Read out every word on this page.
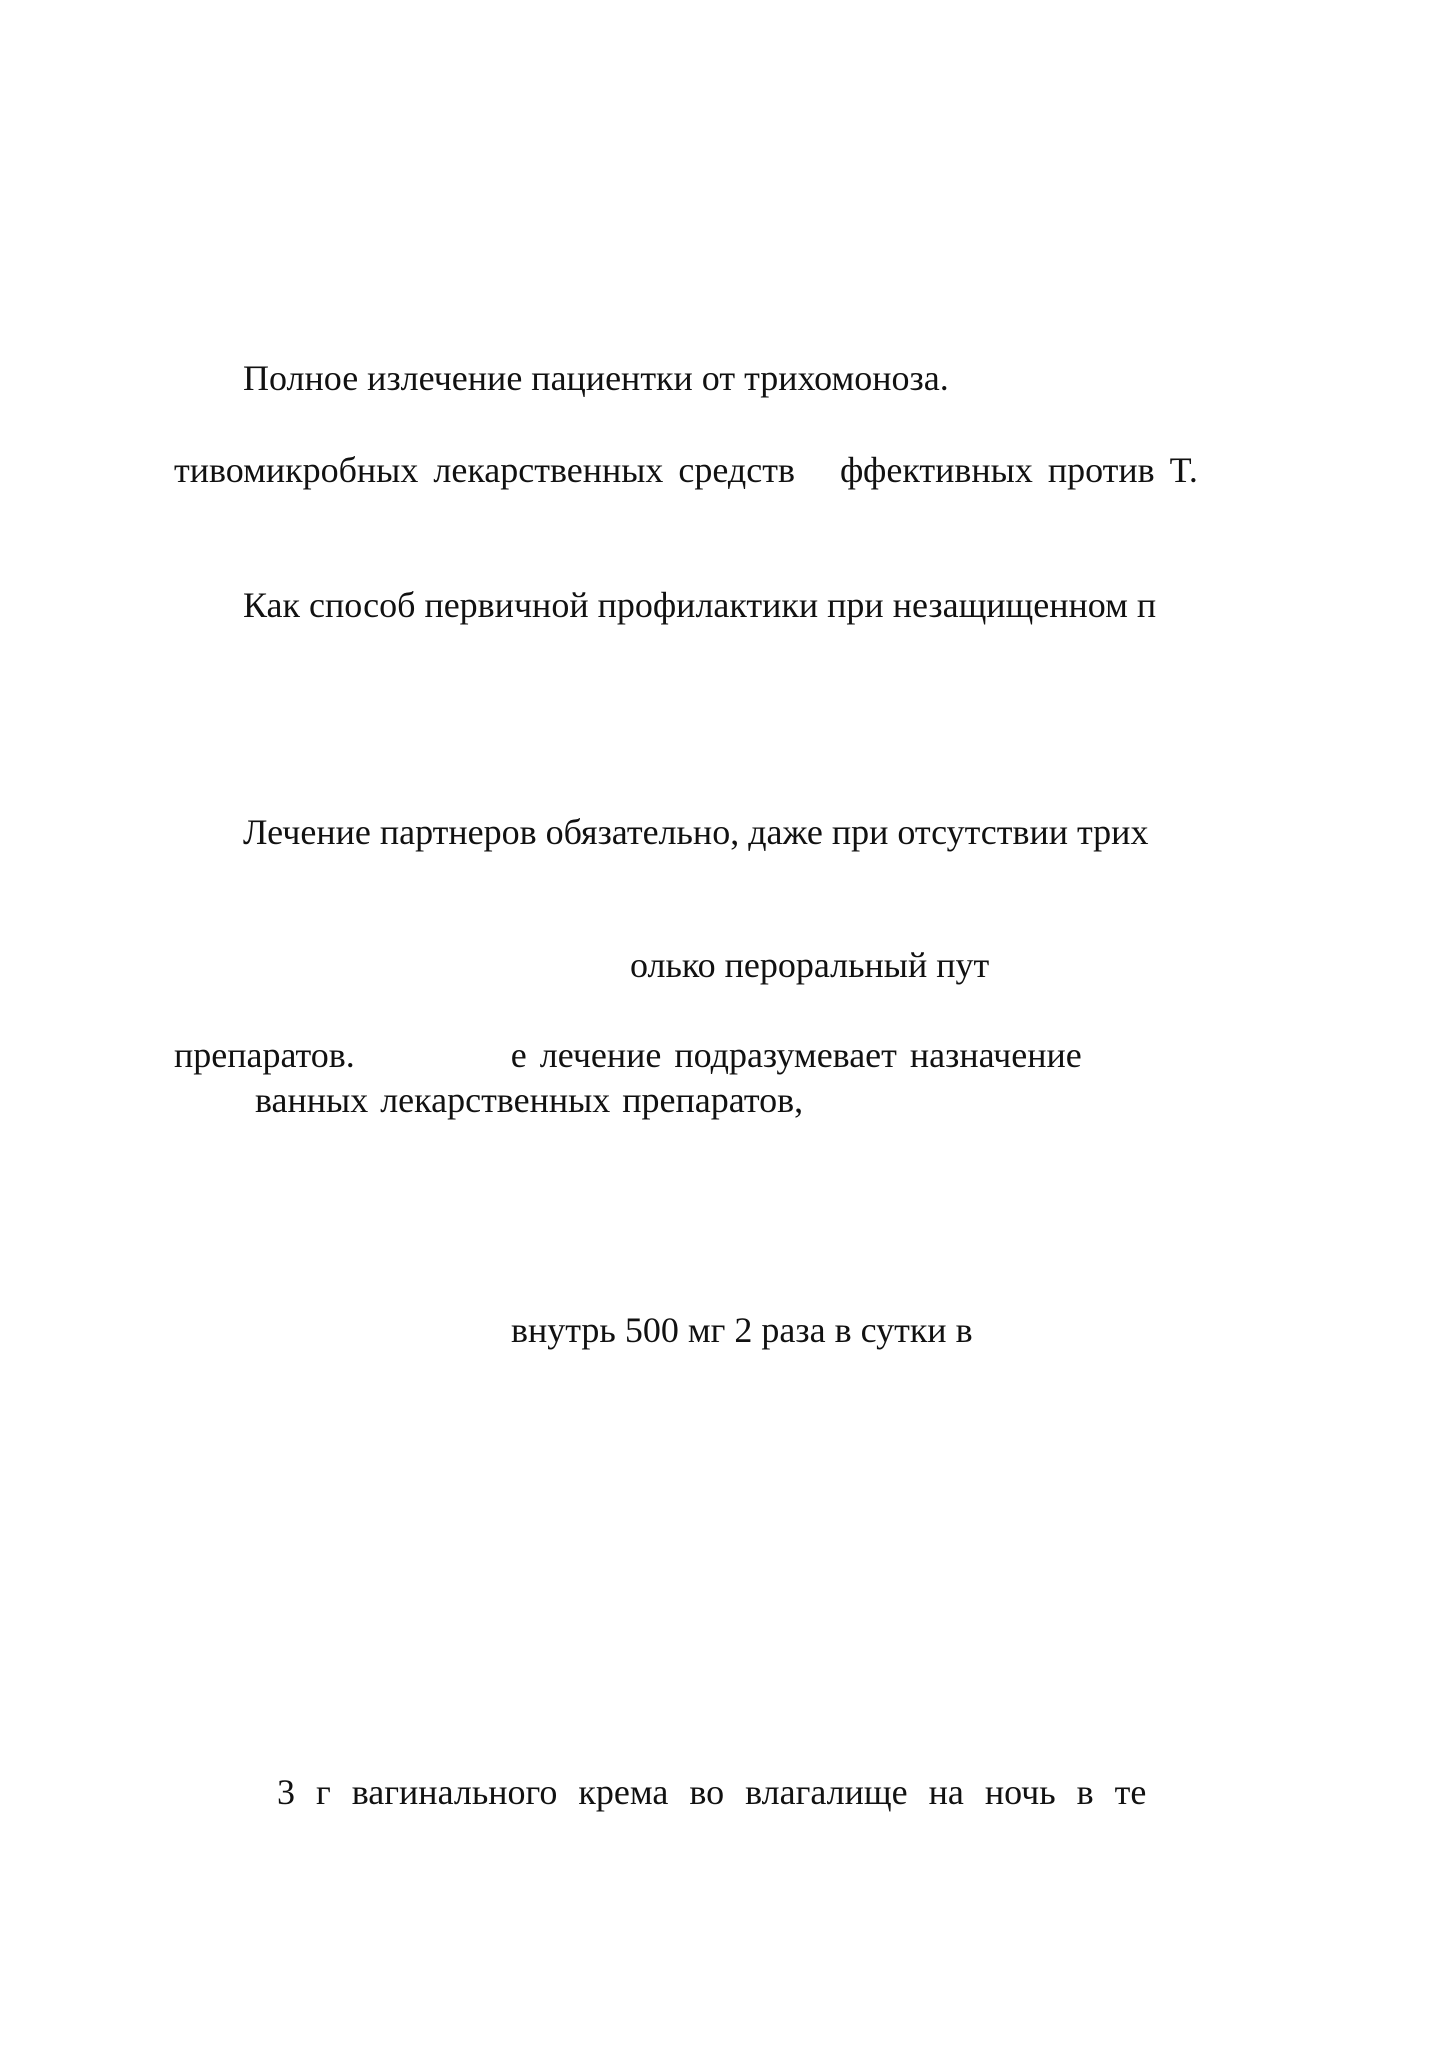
Полное излечение пациентки от трихомоноза.
тивомикробных лекарственных средств   ффективных против T.
Как способ первичной профилактики при незащищенном п
Лечение партнеров обязательно, даже при отсутствии трих
олько пероральный пут
препаратов.            е лечение подразумевает назначение
ванных лекарственных препаратов,
внутрь 500 мг 2 раза в сутки в
3 г вагинального крема во влагалище на ночь в те
